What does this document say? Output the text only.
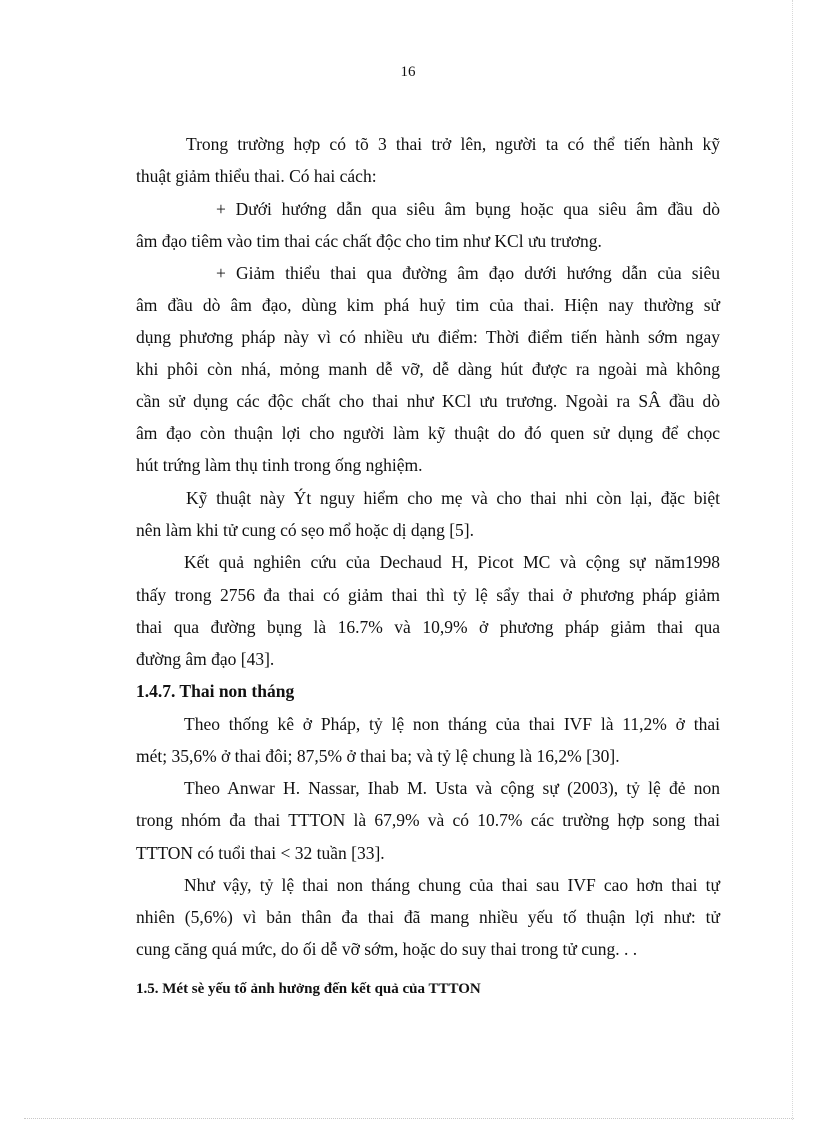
16
Trong trường hợp có tõ 3 thai trở lên, người ta có thể tiến hành kỹ
thuật giảm thiểu thai. Có hai cách:
+ Dưới hướng dẫn qua siêu âm bụng hoặc qua siêu âm đầu dò
âm đạo tiêm vào tim thai các chất độc cho tim như KCl ưu trương.
+ Giảm thiểu thai qua đường âm đạo dưới hướng dẫn của siêu
âm đầu dò âm đạo, dùng kim phá huỷ tim của thai. Hiện nay thường sử
dụng phương pháp này vì có nhiều ưu điểm: Thời điểm tiến hành sớm ngay
khi phôi còn nhá, mỏng manh dễ vỡ, dễ dàng hút được ra ngoài mà không
cần sử dụng các độc chất cho thai như KCl ưu trương. Ngoài ra SÂ đầu dò
âm đạo còn thuận lợi cho người làm kỹ thuật do đó quen sử dụng để chọc
hút trứng làm thụ tinh trong ống nghiệm.
Kỹ thuật này Ýt nguy hiểm cho mẹ và cho thai nhi còn lại, đặc biệt
nên làm khi tử cung có sẹo mổ hoặc dị dạng [5].
Kết quả nghiên cứu của Dechaud H, Picot MC và cộng sự năm1998
thấy trong 2756 đa thai có giảm thai thì tỷ lệ sẩy thai ở phương pháp giảm
thai qua đường bụng là 16.7% và 10,9% ở phương pháp giảm thai qua
đường âm đạo [43].
1.4.7. Thai non tháng
Theo thống kê ở Pháp, tỷ lệ non tháng của thai IVF là 11,2% ở thai
mét; 35,6% ở thai đôi; 87,5% ở thai ba; và tỷ lệ chung là 16,2% [30].
Theo Anwar H. Nassar, Ihab M. Usta và cộng sự (2003), tỷ lệ đẻ non
trong nhóm đa thai TTTON là 67,9% và có 10.7% các trường hợp song thai
TTTON có tuổi thai < 32 tuần [33].
Như vậy, tỷ lệ thai non tháng chung của thai sau IVF cao hơn thai tự
nhiên (5,6%) vì bản thân đa thai đã mang nhiều yếu tố thuận lợi như: tử
cung căng quá mức, do ối dễ vỡ sớm, hoặc do suy thai trong tử cung. . .
1.5. Mét sè yếu tố ảnh hưởng đến kết quả của TTTON
